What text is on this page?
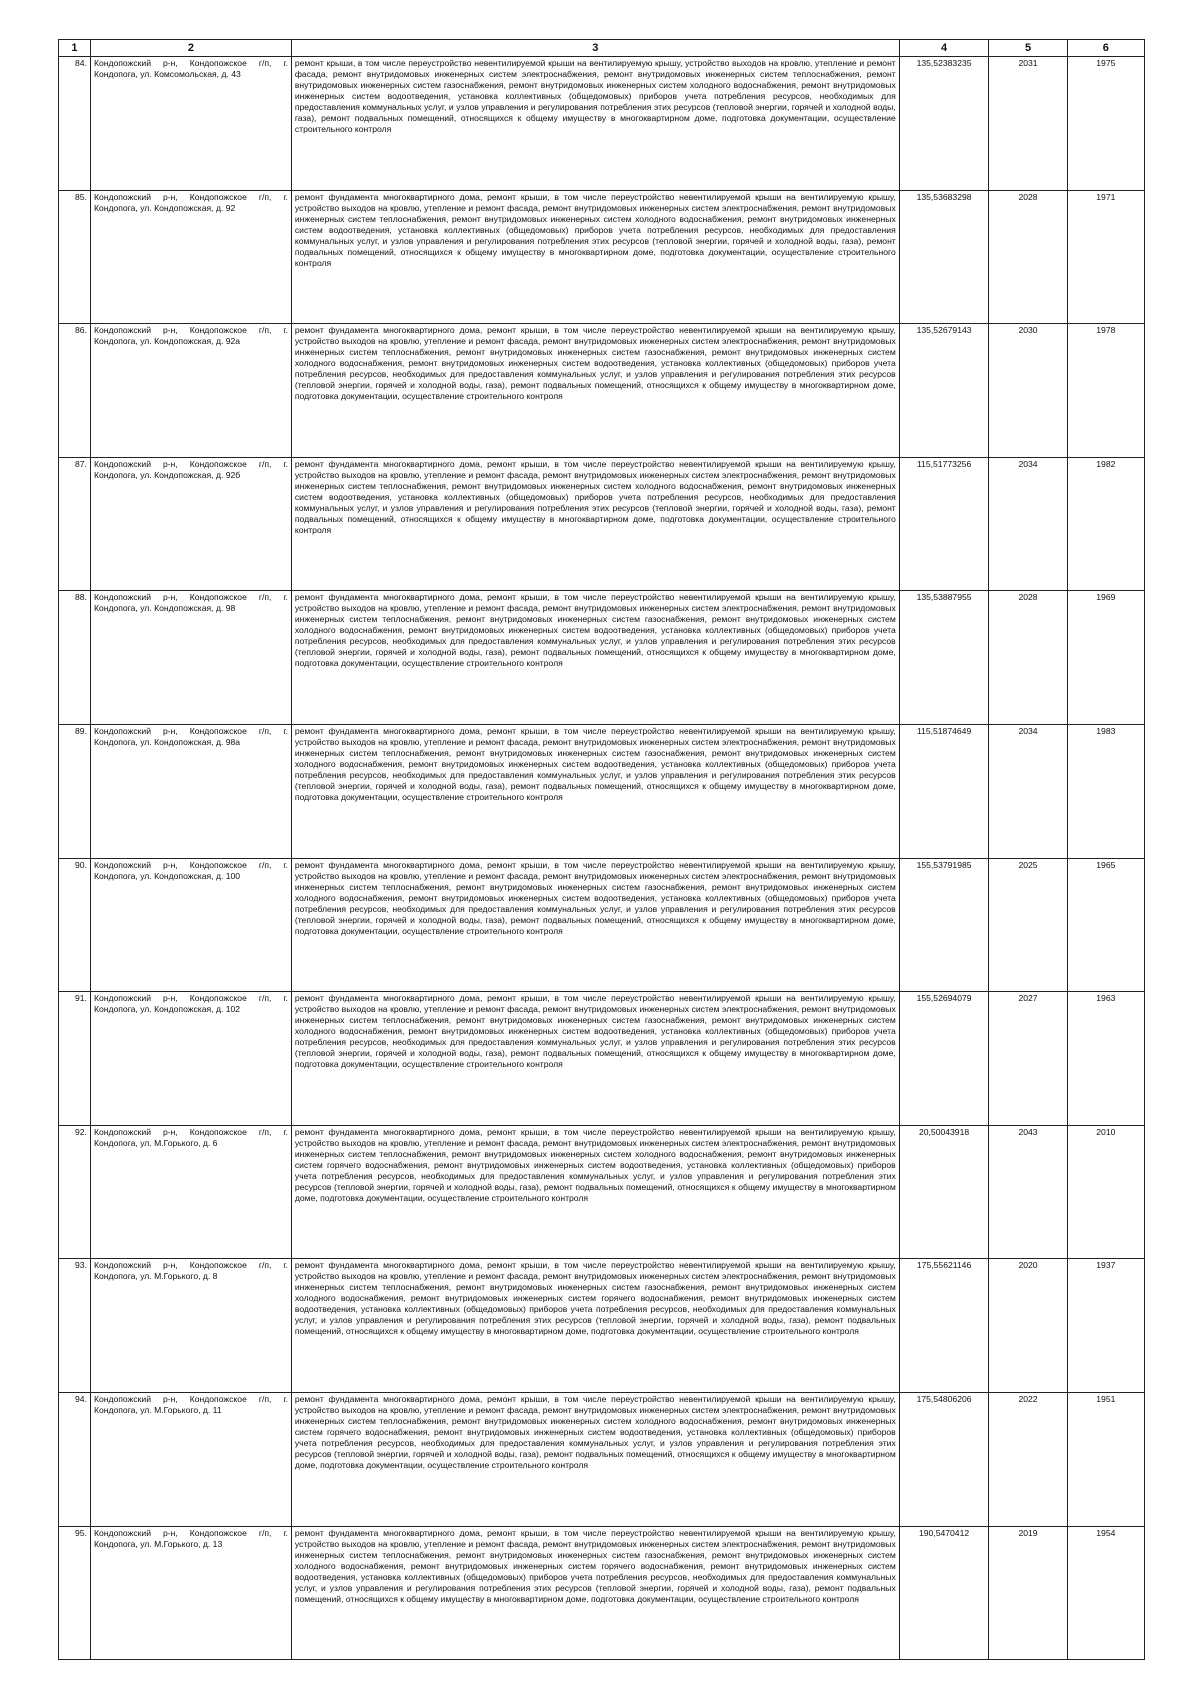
1	2	3	4	5	6
84.	Кондопожский р-н, Кондопожское г/п, г. Кондопога, ул. Комсомольская, д. 43	ремонт крыши, в том числе переустройство невентилируемой крыши на вентилируемую крышу, устройство выходов на кровлю, утепление и ремонт фасада, ремонт внутридомовых инженерных систем электроснабжения, ремонт внутридомовых инженерных систем теплоснабжения, ремонт внутридомовых инженерных систем газоснабжения, ремонт внутридомовых инженерных систем холодного водоснабжения, ремонт внутридомовых инженерных систем водоотведения, установка коллективных (общедомовых) приборов учета потребления ресурсов, необходимых для предоставления коммунальных услуг, и узлов управления и регулирования потребления этих ресурсов (тепловой энергии, горячей и холодной воды, газа), ремонт подвальных помещений, относящихся к общему имуществу в многоквартирном доме, подготовка документации, осуществление строительного контроля	135,52383235	2031	1975
85.	Кондопожский р-н, Кондопожское г/п, г. Кондопога, ул. Кондопожская, д. 92	ремонт фундамента многоквартирного дома, ремонт крыши, в том числе переустройство невентилируемой крыши на вентилируемую крышу, устройство выходов на кровлю, утепление и ремонт фасада, ремонт внутридомовых инженерных систем электроснабжения, ремонт внутридомовых инженерных систем теплоснабжения, ремонт внутридомовых инженерных систем холодного водоснабжения, ремонт внутридомовых инженерных систем водоотведения, установка коллективных (общедомовых) приборов учета потребления ресурсов, необходимых для предоставления коммунальных услуг, и узлов управления и регулирования потребления этих ресурсов (тепловой энергии, горячей и холодной воды, газа), ремонт подвальных помещений, относящихся к общему имуществу в многоквартирном доме, подготовка документации, осуществление строительного контроля	135,53683298	2028	1971
86.	Кондопожский р-н, Кондопожское г/п, г. Кондопога, ул. Кондопожская, д. 92а	ремонт фундамента многоквартирного дома, ремонт крыши, в том числе переустройство невентилируемой крыши на вентилируемую крышу, устройство выходов на кровлю, утепление и ремонт фасада, ремонт внутридомовых инженерных систем электроснабжения, ремонт внутридомовых инженерных систем теплоснабжения, ремонт внутридомовых инженерных систем газоснабжения, ремонт внутридомовых инженерных систем холодного водоснабжения, ремонт внутридомовых инженерных систем водоотведения, установка коллективных (общедомовых) приборов учета потребления ресурсов, необходимых для предоставления коммунальных услуг, и узлов управления и регулирования потребления этих ресурсов (тепловой энергии, горячей и холодной воды, газа), ремонт подвальных помещений, относящихся к общему имуществу в многоквартирном доме, подготовка документации, осуществление строительного контроля	135,52679143	2030	1978
87.	Кондопожский р-н, Кондопожское г/п, г. Кондопога, ул. Кондопожская, д. 92б	ремонт фундамента многоквартирного дома, ремонт крыши, в том числе переустройство невентилируемой крыши на вентилируемую крышу, устройство выходов на кровлю, утепление и ремонт фасада, ремонт внутридомовых инженерных систем электроснабжения, ремонт внутридомовых инженерных систем теплоснабжения, ремонт внутридомовых инженерных систем холодного водоснабжения, ремонт внутридомовых инженерных систем водоотведения, установка коллективных (общедомовых) приборов учета потребления ресурсов, необходимых для предоставления коммунальных услуг, и узлов управления и регулирования потребления этих ресурсов (тепловой энергии, горячей и холодной воды, газа), ремонт подвальных помещений, относящихся к общему имуществу в многоквартирном доме, подготовка документации, осуществление строительного контроля	115,51773256	2034	1982
88.	Кондопожский р-н, Кондопожское г/п, г. Кондопога, ул. Кондопожская, д. 98	ремонт фундамента многоквартирного дома, ремонт крыши, в том числе переустройство невентилируемой крыши на вентилируемую крышу, устройство выходов на кровлю, утепление и ремонт фасада, ремонт внутридомовых инженерных систем электроснабжения, ремонт внутридомовых инженерных систем теплоснабжения, ремонт внутридомовых инженерных систем газоснабжения, ремонт внутридомовых инженерных систем холодного водоснабжения, ремонт внутридомовых инженерных систем водоотведения, установка коллективных (общедомовых) приборов учета потребления ресурсов, необходимых для предоставления коммунальных услуг, и узлов управления и регулирования потребления этих ресурсов (тепловой энергии, горячей и холодной воды, газа), ремонт подвальных помещений, относящихся к общему имуществу в многоквартирном доме, подготовка документации, осуществление строительного контроля	135,53887955	2028	1969
89.	Кондопожский р-н, Кондопожское г/п, г. Кондопога, ул. Кондопожская, д. 98а	ремонт фундамента многоквартирного дома, ремонт крыши, в том числе переустройство невентилируемой крыши на вентилируемую крышу, устройство выходов на кровлю, утепление и ремонт фасада, ремонт внутридомовых инженерных систем электроснабжения, ремонт внутридомовых инженерных систем теплоснабжения, ремонт внутридомовых инженерных систем газоснабжения, ремонт внутридомовых инженерных систем холодного водоснабжения, ремонт внутридомовых инженерных систем водоотведения, установка коллективных (общедомовых) приборов учета потребления ресурсов, необходимых для предоставления коммунальных услуг, и узлов управления и регулирования потребления этих ресурсов (тепловой энергии, горячей и холодной воды, газа), ремонт подвальных помещений, относящихся к общему имуществу в многоквартирном доме, подготовка документации, осуществление строительного контроля	115,51874649	2034	1983
90.	Кондопожский р-н, Кондопожское г/п, г. Кондопога, ул. Кондопожская, д. 100	ремонт фундамента многоквартирного дома, ремонт крыши, в том числе переустройство невентилируемой крыши на вентилируемую крышу, устройство выходов на кровлю, утепление и ремонт фасада, ремонт внутридомовых инженерных систем электроснабжения, ремонт внутридомовых инженерных систем теплоснабжения, ремонт внутридомовых инженерных систем газоснабжения, ремонт внутридомовых инженерных систем холодного водоснабжения, ремонт внутридомовых инженерных систем водоотведения, установка коллективных (общедомовых) приборов учета потребления ресурсов, необходимых для предоставления коммунальных услуг, и узлов управления и регулирования потребления этих ресурсов (тепловой энергии, горячей и холодной воды, газа), ремонт подвальных помещений, относящихся к общему имуществу в многоквартирном доме, подготовка документации, осуществление строительного контроля	155,53791985	2025	1965
91.	Кондопожский р-н, Кондопожское г/п, г. Кондопога, ул. Кондопожская, д. 102	ремонт фундамента многоквартирного дома, ремонт крыши, в том числе переустройство невентилируемой крыши на вентилируемую крышу, устройство выходов на кровлю, утепление и ремонт фасада, ремонт внутридомовых инженерных систем электроснабжения, ремонт внутридомовых инженерных систем теплоснабжения, ремонт внутридомовых инженерных систем газоснабжения, ремонт внутридомовых инженерных систем холодного водоснабжения, ремонт внутридомовых инженерных систем водоотведения, установка коллективных (общедомовых) приборов учета потребления ресурсов, необходимых для предоставления коммунальных услуг, и узлов управления и регулирования потребления этих ресурсов (тепловой энергии, горячей и холодной воды, газа), ремонт подвальных помещений, относящихся к общему имуществу в многоквартирном доме, подготовка документации, осуществление строительного контроля	155,52694079	2027	1963
92.	Кондопожский р-н, Кондопожское г/п, г. Кондопога, ул. М.Горького, д. 6	ремонт фундамента многоквартирного дома, ремонт крыши, в том числе переустройство невентилируемой крыши на вентилируемую крышу, устройство выходов на кровлю, утепление и ремонт фасада, ремонт внутридомовых инженерных систем электроснабжения, ремонт внутридомовых инженерных систем теплоснабжения, ремонт внутридомовых инженерных систем холодного водоснабжения, ремонт внутридомовых инженерных систем горячего водоснабжения, ремонт внутридомовых инженерных систем водоотведения, установка коллективных (общедомовых) приборов учета потребления ресурсов, необходимых для предоставления коммунальных услуг, и узлов управления и регулирования потребления этих ресурсов (тепловой энергии, горячей и холодной воды, газа), ремонт подвальных помещений, относящихся к общему имуществу в многоквартирном доме, подготовка документации, осуществление строительного контроля	20,50043918	2043	2010
93.	Кондопожский р-н, Кондопожское г/п, г. Кондопога, ул. М.Горького, д. 8	ремонт фундамента многоквартирного дома, ремонт крыши, в том числе переустройство невентилируемой крыши на вентилируемую крышу, устройство выходов на кровлю, утепление и ремонт фасада, ремонт внутридомовых инженерных систем электроснабжения, ремонт внутридомовых инженерных систем теплоснабжения, ремонт внутридомовых инженерных систем газоснабжения, ремонт внутридомовых инженерных систем холодного водоснабжения, ремонт внутридомовых инженерных систем горячего водоснабжения, ремонт внутридомовых инженерных систем водоотведения, установка коллективных (общедомовых) приборов учета потребления ресурсов, необходимых для предоставления коммунальных услуг, и узлов управления и регулирования потребления этих ресурсов (тепловой энергии, горячей и холодной воды, газа), ремонт подвальных помещений, относящихся к общему имуществу в многоквартирном доме, подготовка документации, осуществление строительного контроля	175,55621146	2020	1937
94.	Кондопожский р-н, Кондопожское г/п, г. Кондопога, ул. М.Горького, д. 11	ремонт фундамента многоквартирного дома, ремонт крыши, в том числе переустройство невентилируемой крыши на вентилируемую крышу, устройство выходов на кровлю, утепление и ремонт фасада, ремонт внутридомовых инженерных систем электроснабжения, ремонт внутридомовых инженерных систем теплоснабжения, ремонт внутридомовых инженерных систем холодного водоснабжения, ремонт внутридомовых инженерных систем горячего водоснабжения, ремонт внутридомовых инженерных систем водоотведения, установка коллективных (общедомовых) приборов учета потребления ресурсов, необходимых для предоставления коммунальных услуг, и узлов управления и регулирования потребления этих ресурсов (тепловой энергии, горячей и холодной воды, газа), ремонт подвальных помещений, относящихся к общему имуществу в многоквартирном доме, подготовка документации, осуществление строительного контроля	175,54806206	2022	1951
95.	Кондопожский р-н, Кондопожское г/п, г. Кондопога, ул. М.Горького, д. 13	ремонт фундамента многоквартирного дома, ремонт крыши, в том числе переустройство невентилируемой крыши на вентилируемую крышу, устройство выходов на кровлю, утепление и ремонт фасада, ремонт внутридомовых инженерных систем электроснабжения, ремонт внутридомовых инженерных систем теплоснабжения, ремонт внутридомовых инженерных систем газоснабжения, ремонт внутридомовых инженерных систем холодного водоснабжения, ремонт внутридомовых инженерных систем горячего водоснабжения, ремонт внутридомовых инженерных систем водоотведения, установка коллективных (общедомовых) приборов учета потребления ресурсов, необходимых для предоставления коммунальных услуг, и узлов управления и регулирования потребления этих ресурсов (тепловой энергии, горячей и холодной воды, газа), ремонт подвальных помещений, относящихся к общему имуществу в многоквартирном доме, подготовка документации, осуществление строительного контроля	190,5470412	2019	1954
